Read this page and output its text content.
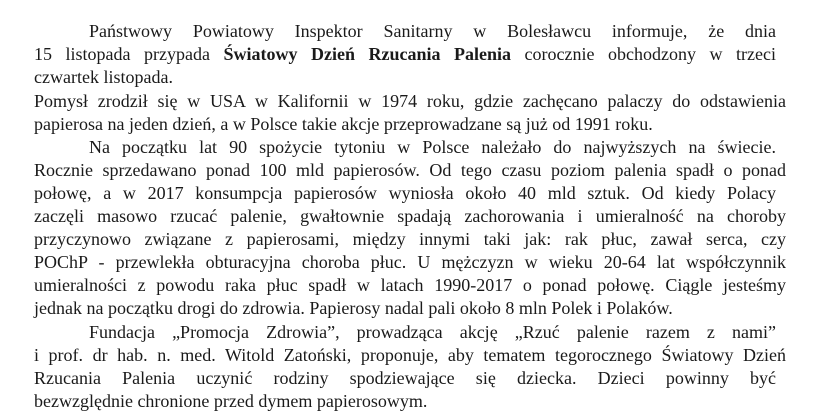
Państwowy Powiatowy Inspektor Sanitarny w Bolesławcu informuje, że dnia
15 listopada przypada Światowy Dzień Rzucania Palenia corocznie obchodzony w trzeci
czwartek listopada.
Pomysł zrodził się w USA w Kalifornii w 1974 roku, gdzie zachęcano palaczy do odstawienia
papierosa na jeden dzień, a w Polsce takie akcje przeprowadzane są już od 1991 roku.
Na początku lat 90 spożycie tytoniu w Polsce należało do najwyższych na świecie.
Rocznie sprzedawano ponad 100 mld papierosów. Od tego czasu poziom palenia spadł o ponad
połowę, a w 2017 konsumpcja papierosów wyniosła około 40 mld sztuk. Od kiedy Polacy
zaczęli masowo rzucać palenie, gwałtownie spadają zachorowania i umieralność na choroby
przyczynowo związane z papierosami, między innymi taki jak: rak płuc, zawał serca, czy
POChP - przewlekła obturacyjna choroba płuc. U mężczyzn w wieku 20-64 lat współczynnik
umieralności z powodu raka płuc spadł w latach 1990-2017 o ponad połowę. Ciągle jesteśmy
jednak na początku drogi do zdrowia. Papierosy nadal pali około 8 mln Polek i Polaków.
Fundacja „Promocja Zdrowia”, prowadząca akcję „Rzuć palenie razem z nami”
i prof. dr hab. n. med. Witold Zatoński, proponuje, aby tematem tegorocznego Światowy Dzień
Rzucania Palenia uczynić rodziny spodziewające się dziecka. Dzieci powinny być
bezwzględnie chronione przed dymem papierosowym.
